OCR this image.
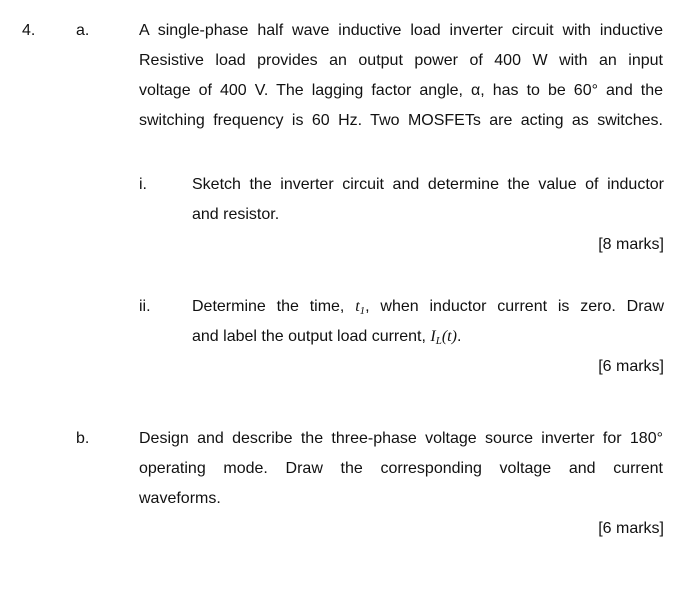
4.	a.	A single-phase half wave inductive load inverter circuit with inductive
Resistive load provides an output power of 400 W with an input
voltage of 400 V. The lagging factor angle, α, has to be 60° and the
switching frequency is 60 Hz. Two MOSFETs are acting as switches.
i.	Sketch the inverter circuit and determine the value of inductor
and resistor.
[8 marks]
ii.	Determine the time, $t_1$, when inductor current is zero. Draw
and label the output load current, $I_L(t)$.
[6 marks]
b.	Design and describe the three-phase voltage source inverter for 180°
operating mode. Draw the corresponding voltage and current
waveforms.
[6 marks]
